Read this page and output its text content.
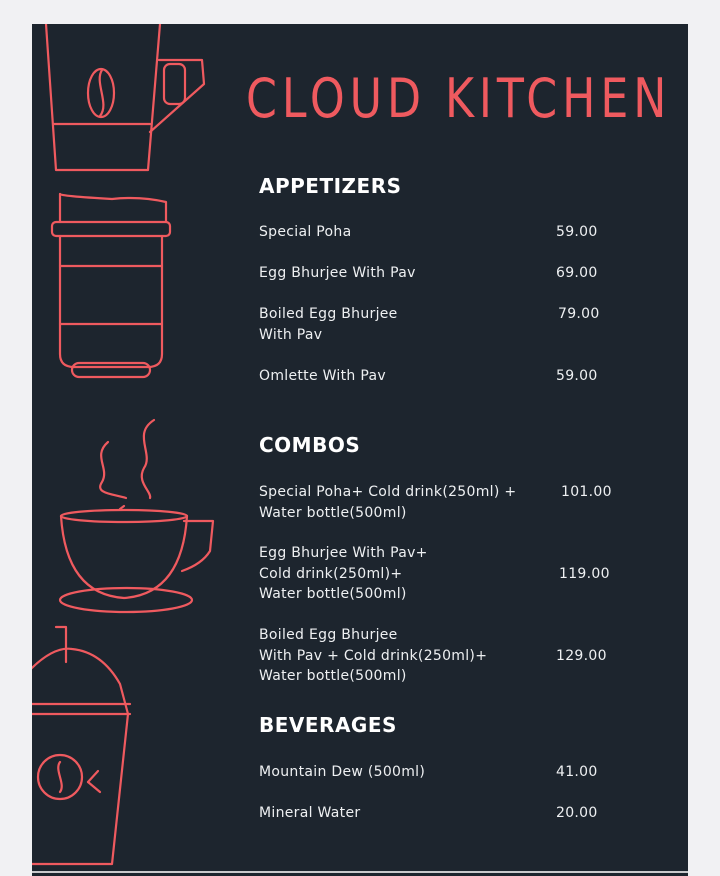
CLOUD KITCHEN
APPETIZERS
Special Poha	59.00
Egg Bhurjee With Pav	69.00
Boiled Egg Bhurjee
With Pav
79.00
Omlette With Pav	59.00
COMBOS
Special Poha+ Cold drink(250ml) +
Water bottle(500ml)
101.00
Egg Bhurjee With Pav+
Cold drink(250ml)+
Water bottle(500ml)
119.00
Boiled Egg Bhurjee
With Pav + Cold drink(250ml)+
Water bottle(500ml)
129.00
BEVERAGES
Mountain Dew (500ml)	41.00
Mineral Water	20.00
